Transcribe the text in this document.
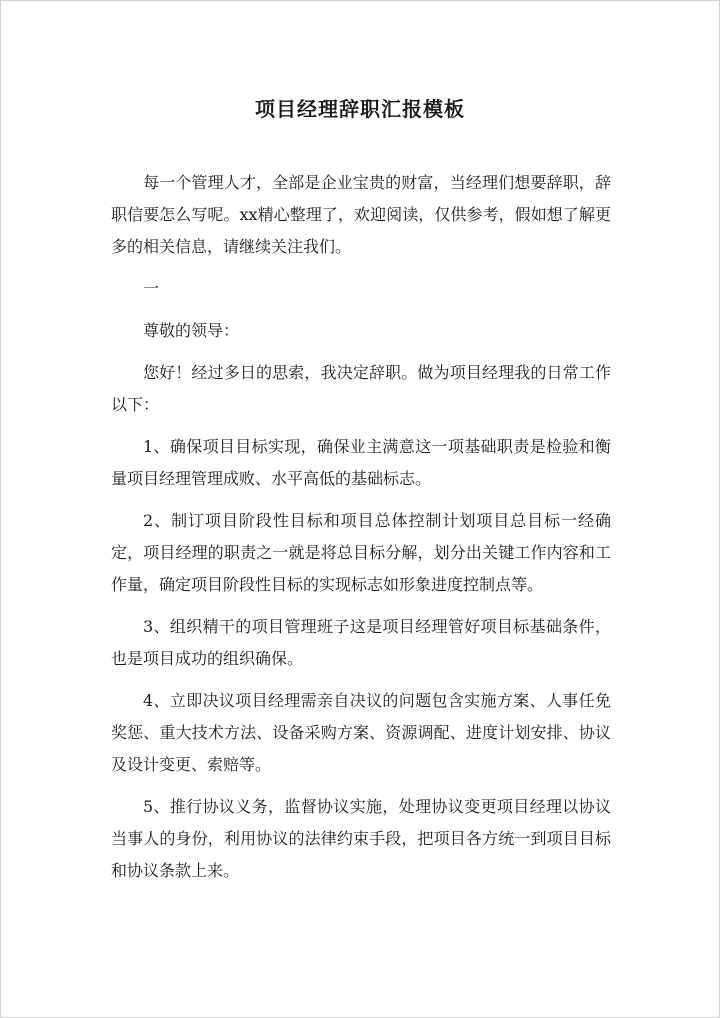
项目经理辞职汇报模板

每一个管理人才，全部是企业宝贵的财富，当经理们想要辞职，辞职信要怎么写呢。xx精心整理了，欢迎阅读，仅供参考，假如想了解更多的相关信息，请继续关注我们。

一

尊敬的领导：

您好！经过多日的思索，我决定辞职。做为项目经理我的日常工作以下：

1、确保项目目标实现，确保业主满意这一项基础职责是检验和衡量项目经理管理成败、水平高低的基础标志。

2、制订项目阶段性目标和项目总体控制计划项目总目标一经确定，项目经理的职责之一就是将总目标分解，划分出关键工作内容和工作量，确定项目阶段性目标的实现标志如形象进度控制点等。

3、组织精干的项目管理班子这是项目经理管好项目标基础条件，也是项目成功的组织确保。

4、立即决议项目经理需亲自决议的问题包含实施方案、人事任免奖惩、重大技术方法、设备采购方案、资源调配、进度计划安排、协议及设计变更、索赔等。

5、推行协议义务，监督协议实施，处理协议变更项目经理以协议当事人的身份，利用协议的法律约束手段，把项目各方统一到项目目标和协议条款上来。
